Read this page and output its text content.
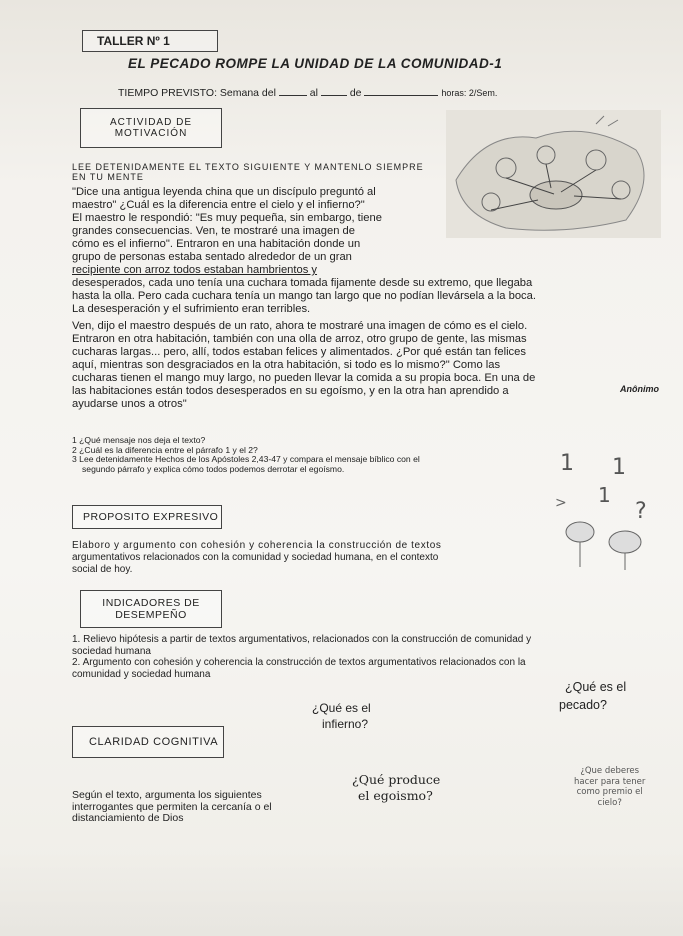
TALLER Nº 1
EL PECADO ROMPE LA UNIDAD DE LA COMUNIDAD-1
TIEMPO PREVISTO: Semana del	al	de	horas: 2/Sem.
ACTIVIDAD DE
MOTIVACIÓN
LEE DETENIDAMENTE EL TEXTO SIGUIENTE Y MANTENLO SIEMPRE
EN TU MENTE
"Dice una antigua leyenda china que un discípulo preguntó al
maestro" ¿Cuál es la diferencia entre el cielo y el infierno?"
El maestro le respondió: "Es muy pequeña, sin embargo, tiene
grandes consecuencias. Ven, te mostraré una imagen de
cómo es el infierno". Entraron en una habitación donde un
grupo de personas estaba sentado alrededor de un gran
recipiente con arroz todos estaban hambrientos y
desesperados, cada uno tenía una cuchara tomada fijamente desde su extremo, que llegaba
hasta la olla. Pero cada cuchara tenía un mango tan largo que no podían llevársela a la boca.
La desesperación y el sufrimiento eran terribles.
Ven, dijo el maestro después de un rato, ahora te mostraré una imagen de cómo es el cielo.
Entraron en otra habitación, también con una olla de arroz, otro grupo de gente, las mismas
cucharas largas... pero, allí, todos estaban felices y alimentados. ¿Por qué están tan felices
aquí, mientras son desgraciados en la otra habitación, si todo es lo mismo?" Como las
cucharas tienen el mango muy largo, no pueden llevar la comida a su propia boca. En una de
las habitaciones están todos desesperados en su egoísmo, y en la otra han aprendido a
ayudarse unos a otros"
Anônimo
1 ¿Qué mensaje nos deja el texto?
2 ¿Cuál es la diferencia entre el párrafo 1 y el 2?
3 Lee detenidamente Hechos de los Apóstoles 2,43-47 y compara el mensaje bíblico con el
segundo párrafo y explica cómo todos podemos derrotar el egoísmo.	1 1
1
?
>
PROPOSITO EXPRESIVO
Elaboro y argumento con cohesión y coherencia la construcción de textos
argumentativos relacionados con la comunidad y sociedad humana, en el contexto
social de hoy.
INDICADORES DE
DESEMPEÑO
1. Relievo hipótesis a partir de textos argumentativos, relacionados con la construcción de comunidad y
sociedad humana
2. Argumento con cohesión y coherencia la construcción de textos argumentativos relacionados con la
comunidad y sociedad humana
CLARIDAD COGNITIVA
Según el texto, argumenta los siguientes
interrogantes que permiten la cercanía o el
distanciamiento de Dios
¿Qué es el
infierno?
¿Qué es el
pecado?
¿Qué produce
el egoismo?
¿Que deberes
hacer para tener
como premio el
cielo?
